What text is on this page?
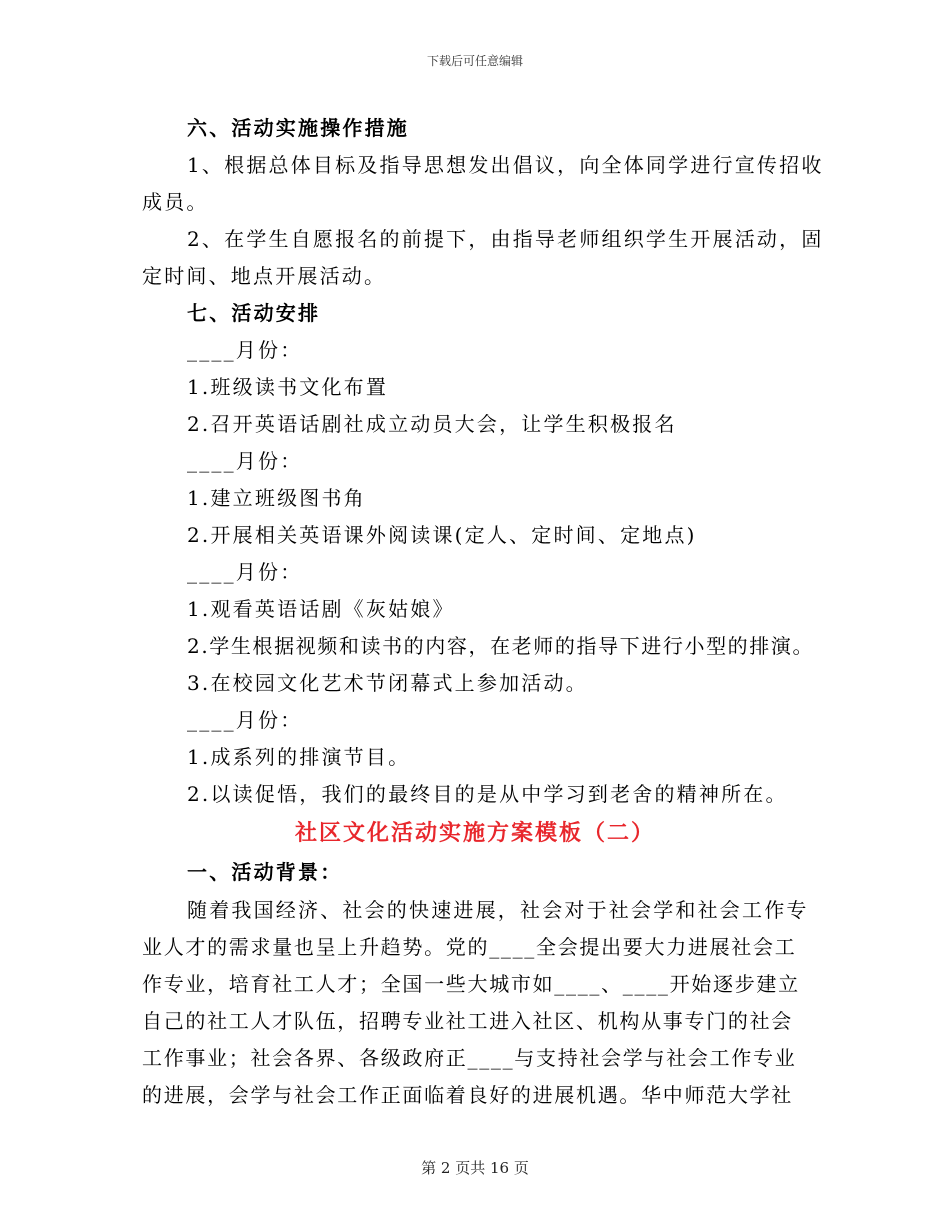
下载后可任意编辑
六、活动实施操作措施
1、根据总体目标及指导思想发出倡议，向全体同学进行宣传招收
成员。
2、在学生自愿报名的前提下，由指导老师组织学生开展活动，固
定时间、地点开展活动。
七、活动安排
____月份：
1.班级读书文化布置
2.召开英语话剧社成立动员大会，让学生积极报名
____月份：
1.建立班级图书角
2.开展相关英语课外阅读课(定人、定时间、定地点)
____月份：
1.观看英语话剧《灰姑娘》
2.学生根据视频和读书的内容，在老师的指导下进行小型的排演。
3.在校园文化艺术节闭幕式上参加活动。
____月份：
1.成系列的排演节目。
2.以读促悟，我们的最终目的是从中学习到老舍的精神所在。
社区文化活动实施方案模板（二）
一、活动背景：
随着我国经济、社会的快速进展，社会对于社会学和社会工作专
业人才的需求量也呈上升趋势。党的____全会提出要大力进展社会工
作专业，培育社工人才；全国一些大城市如____、____开始逐步建立
自己的社工人才队伍，招聘专业社工进入社区、机构从事专门的社会
工作事业；社会各界、各级政府正____与支持社会学与社会工作专业
的进展，会学与社会工作正面临着良好的进展机遇。华中师范大学社
第 2 页共 16 页
